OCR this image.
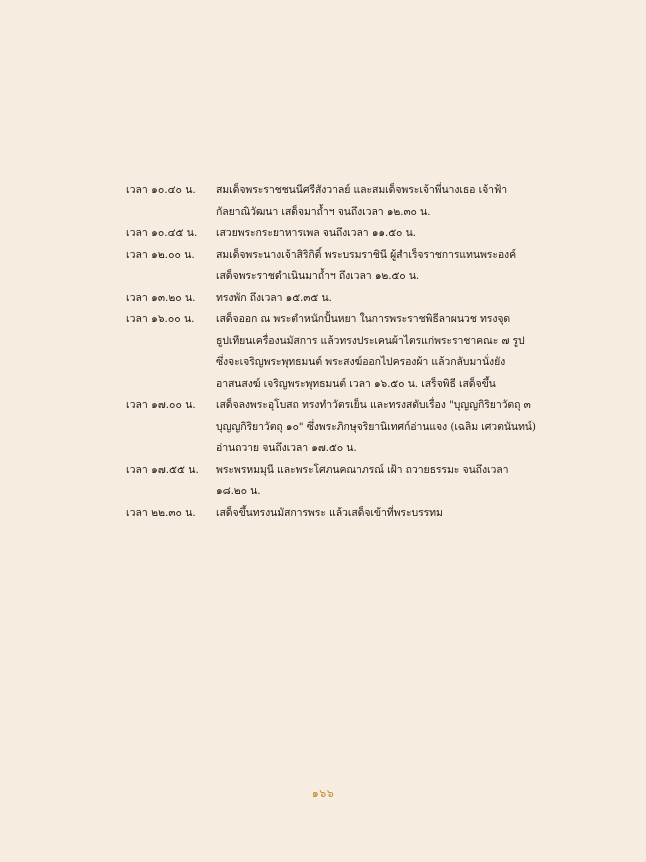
เวลา ๑๐.๔๐ น.	สมเด็จพระราชชนนีศรีสังวาลย์ และสมเด็จพระเจ้าพี่นางเธอ เจ้าฟ้า
กัลยาณิวัฒนา เสด็จมาถ้ำฯ จนถึงเวลา ๑๒.๓๐ น.
เวลา ๑๐.๔๕ น.	เสวยพระกระยาหารเพล จนถึงเวลา ๑๑.๕๐ น.
เวลา ๑๒.๐๐ น.	สมเด็จพระนางเจ้าสิริกิติ์ พระบรมราชินี ผู้สำเร็จราชการแทนพระองค์
เสด็จพระราชดำเนินมาถ้ำฯ ถึงเวลา ๑๒.๕๐ น.
เวลา ๑๓.๒๐ น.	ทรงพัก ถึงเวลา ๑๕.๓๕ น.
เวลา ๑๖.๐๐ น.	เสด็จออก ณ พระตำหนักปั้นหยา ในการพระราชพิธีลาผนวช ทรงจุด
ธูปเทียนเครื่องนมัสการ แล้วทรงประเคนผ้าไตรแก่พระราชาคณะ ๗ รูป
ซึ่งจะเจริญพระพุทธมนต์ พระสงฆ์ออกไปครองผ้า แล้วกลับมานั่งยัง
อาสนสงฆ์ เจริญพระพุทธมนต์ เวลา ๑๖.๕๐ น. เสร็จพิธี เสด็จขึ้น
เวลา ๑๗.๐๐ น.	เสด็จลงพระอุโบสถ ทรงทำวัตรเย็น และทรงสดับเรื่อง "บุญญกิริยาวัตถุ ๓
บุญญกิริยาวัตถุ ๑๐" ซึ่งพระภิกษุจริยานิเทศก์อ่านแจง (เฉลิม เศวตนันทน์)
อ่านถวาย จนถึงเวลา ๑๗.๕๐ น.
เวลา ๑๗.๕๕ น.	พระพรหมมุนี และพระโศภนคณาภรณ์ เฝ้า ถวายธรรมะ จนถึงเวลา
๑๘.๒๐ น.
เวลา ๒๒.๓๐ น.	เสด็จขึ้นทรงนมัสการพระ แล้วเสด็จเข้าที่พระบรรทม
๑๖๖
